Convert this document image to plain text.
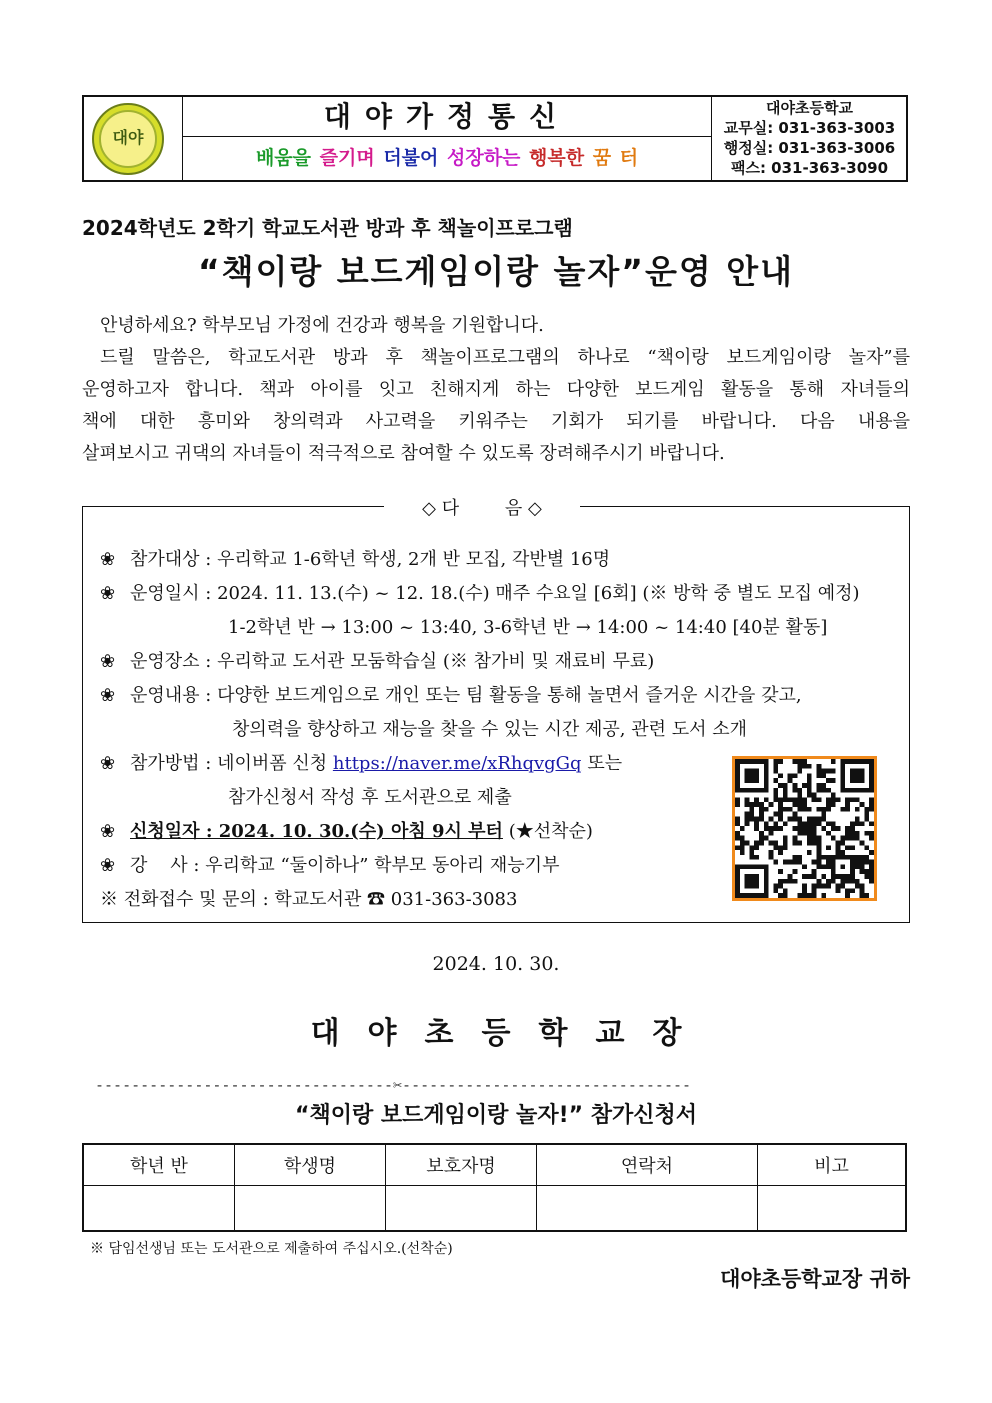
대야
대야가정통신
배움을 즐기며 더불어 성장하는 행복한 꿈 터
대야초등학교
교무실: 031-363-3003
행정실: 031-363-3006
팩스: 031-363-3090
2024학년도 2학기 학교도서관 방과 후 책놀이프로그램
“책이랑 보드게임이랑 놀자”운영 안내
안녕하세요? 학부모님 가정에 건강과 행복을 기원합니다.
드릴 말씀은, 학교도서관 방과 후 책놀이프로그램의 하나로 “책이랑 보드게임이랑 놀자”를
운영하고자 합니다. 책과 아이를 잇고 친해지게 하는 다양한 보드게임 활동을 통해 자녀들의
책에 대한 흥미와 창의력과 사고력을 키워주는 기회가 되기를 바랍니다. 다음 내용을
살펴보시고 귀댁의 자녀들이 적극적으로 참여할 수 있도록 장려해주시기 바랍니다.
◇ 다        음 ◇
❀ 참가대상 : 우리학교 1-6학년 학생, 2개 반 모집, 각반별 16명
❀ 운영일시 : 2024. 11. 13.(수) ~ 12. 18.(수) 매주 수요일 [6회] (※ 방학 중 별도 모집 예정)
1-2학년 반 → 13:00 ~ 13:40, 3-6학년 반 → 14:00 ~ 14:40 [40분 활동]
❀ 운영장소 : 우리학교 도서관 모둠학습실 (※ 참가비 및 재료비 무료)
❀ 운영내용 : 다양한 보드게임으로 개인 또는 팀 활동을 통해 놀면서 즐거운 시간을 갖고,
창의력을 향상하고 재능을 찾을 수 있는 시간 제공, 관련 도서 소개
❀ 참가방법 : 네이버폼 신청 https://naver.me/xRhqvgGq 또는
참가신청서 작성 후 도서관으로 제출
❀ 신청일자 : 2024. 10. 30.(수) 아침 9시 부터 (★선착순)
❀ 강    사 : 우리학교 “둘이하나” 학부모 동아리 재능기부
※ 전화접수 및 문의 : 학교도서관 ☎ 031-363-3083
2024. 10. 30.
대야초등학교장
---------------------------------✂--------------------------------
“책이랑 보드게임이랑 놀자!” 참가신청서
학년 반	학생명	보호자명	연락처	비고

※ 담임선생님 또는 도서관으로 제출하여 주십시오.(선착순)
대야초등학교장 귀하
